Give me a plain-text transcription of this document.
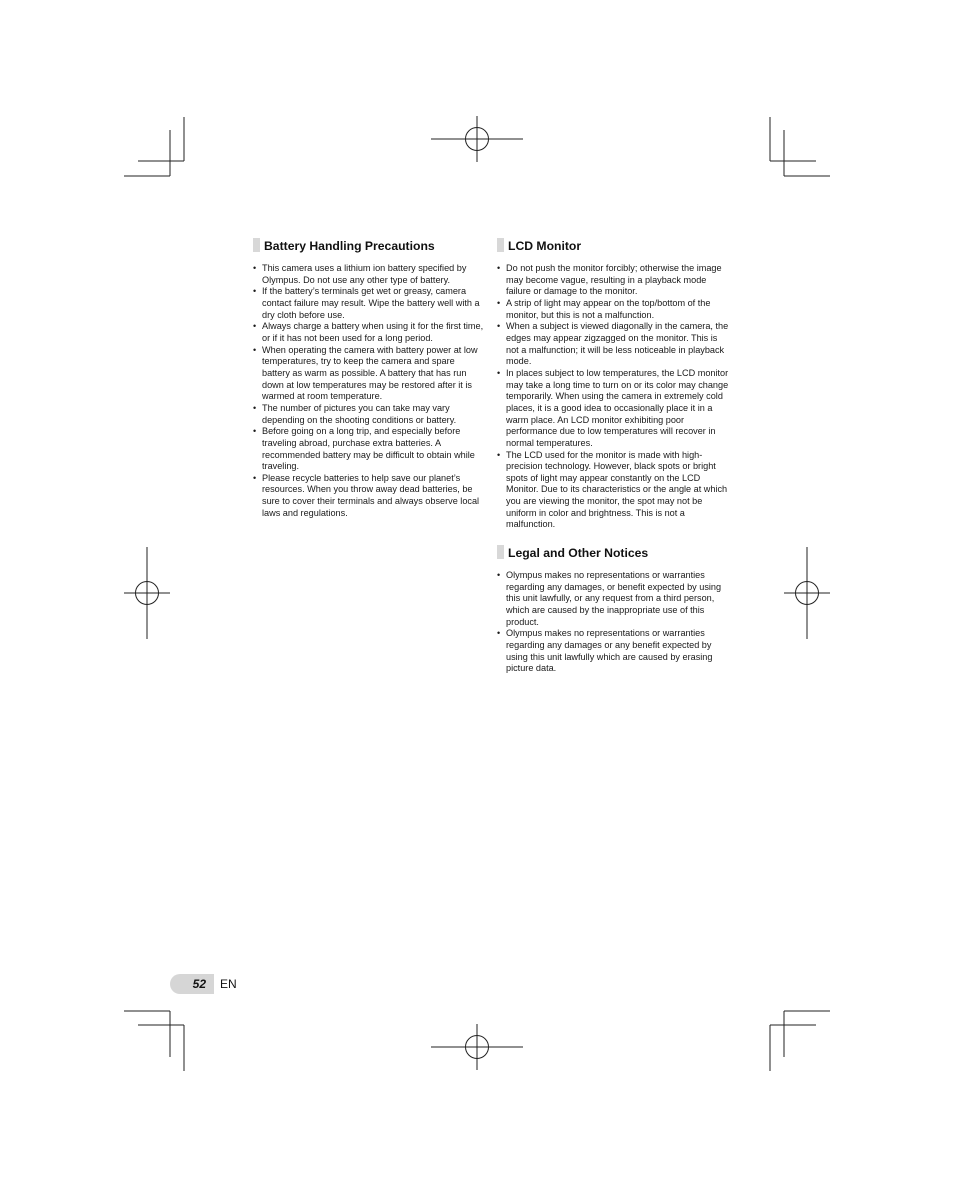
Battery Handling Precautions
• This camera uses a lithium ion battery specified by Olympus. Do not use any other type of battery.
• If the battery’s terminals get wet or greasy, camera contact failure may result. Wipe the battery well with a dry cloth before use.
• Always charge a battery when using it for the first time, or if it has not been used for a long period.
• When operating the camera with battery power at low temperatures, try to keep the camera and spare battery as warm as possible. A battery that has run down at low temperatures may be restored after it is warmed at room temperature.
• The number of pictures you can take may vary depending on the shooting conditions or battery.
• Before going on a long trip, and especially before traveling abroad, purchase extra batteries. A recommended battery may be difficult to obtain while traveling.
• Please recycle batteries to help save our planet’s resources. When you throw away dead batteries, be sure to cover their terminals and always observe local laws and regulations.
LCD Monitor
• Do not push the monitor forcibly; otherwise the image may become vague, resulting in a playback mode failure or damage to the monitor.
• A strip of light may appear on the top/bottom of the monitor, but this is not a malfunction.
• When a subject is viewed diagonally in the camera, the edges may appear zigzagged on the monitor. This is not a malfunction; it will be less noticeable in playback mode.
• In places subject to low temperatures, the LCD monitor may take a long time to turn on or its color may change temporarily. When using the camera in extremely cold places, it is a good idea to occasionally place it in a warm place. An LCD monitor exhibiting poor performance due to low temperatures will recover in normal temperatures.
• The LCD used for the monitor is made with high-precision technology. However, black spots or bright spots of light may appear constantly on the LCD Monitor. Due to its characteristics or the angle at which you are viewing the monitor, the spot may not be uniform in color and brightness. This is not a malfunction.
Legal and Other Notices
• Olympus makes no representations or warranties regarding any damages, or benefit expected by using this unit lawfully, or any request from a third person, which are caused by the inappropriate use of this product.
• Olympus makes no representations or warranties regarding any damages or any benefit expected by using this unit lawfully which are caused by erasing picture data.
52	EN
